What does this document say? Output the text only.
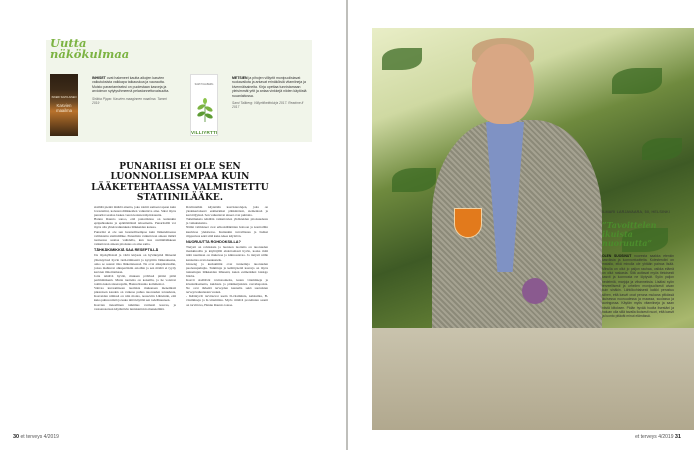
Uutta näkökulmaa
INKERI SAVOLAINEN
Kasvien maailma
INHISET ovat hakeneet kautta aikojen kasvien vaikutuksista vaikkapa taikauskoa ja vaurautta. Muisto parantamiseksi on puolestaan kasveja ja arvioimon sytytysihmeenä pelastonnettovaisuutta.
Sirikka Pippo: Kasvien maaginnen maailma. Tammi 2019
SAMI TALLBERG
VILLIYRTTI
METSIEN ja pihojen villiyrtit monipuolistavat ruokavaliota ja antavat erinäköisiä vitamiineja ja kivennäisaineita. Kirja opettaa tunnistamaan yleisimmät yrtit ja antaa vinkkejä niiden käytöstä ruuanlaitossa.
Sami Tallberg: Villiyrttikeittokirja 2017. Readme.fi 2017
PUNARIISI EI OLE SEN LUONNOLLISEMPAA KUIN LÄÄKETEHTAASSA VALMISTETTU STATIINILÄÄKE.

sisältää pieniä määriä ainetta, joka toimii samaan tapaan kuin lovastatiini, kolesteroliläkkeiden vaikuttava aine. Siksi myös punariisi saattaa laskea veren kolesterolipitoisuutta.

Hannu Raunio sanoo, että punariisissa on kuitenkin epäpuhtauksia ja epämääräisiä tehoaineita. Punariisillä voi myös olla yhteisvaikutuksia lääkkeiden kanssa.

Punariisi ei ole sen luonnollisempaa kuin lääketehtaassa valmistettu statiinilääke. Punariisin vaikuttavan aineen määrä tuotteessa saattaa vaihdella, kun taas statiinilääkkeen vaikuttavan aineen pitoisuus on aina sama.

TÄHKÄKIMIKKIÄ SAA RESEPTILLÄ

Jäs myrkyllisistä ja väriä kirjasta on hyväksymä lähteenä yhteistyössä hyvin tietä-tämisestä ja kysyttiin lääkeaineena, onko se saanut tilaa lääketieteessä. Ne ovat aikapiireissään, joissa mahtuvat alkuperäisiin asioihin ja sen määrä ei tyydy kasvien ilmoittamaan.

Joita tehtävä hyvää, mukaan pöllössä pitäisi pitää perimmäisenä. Mutta tuotteita on kokeillu, ja he voisivat toimia kuten siteeraajalla, Hannu Raunio kommentoi.

Vahvaa kuvaamiseen tuomista mukanaan menemistä pikatoisen kauden on vaikeaa puhua nuoruuden totuudesta, Kasveiden nimissä on niin monta, nouseviin Lähteisiin, että kuka puhuu niistä ja kuka niitä käyttää sen todellisuuteen.

Kasvien tieteellinen tutkimus varmasti kasvaa, ja vastaanotetaan käytäntöön tunnistettavia menetelmiä.

Raviinteihin käytetään kasvisterolejen, joita on yksinkertaisesti esimerkiksi pähkinöissä, siemenissä ja kasviöljyissä. Sen vaikuttavat aineet ovat puhtaita.

Tutkimuksia tehdään vaikuttavien yhdisteiden pitoisuudesta ja vaikutuksista.

Nämä valmisteet ovat erikoislääkärien hoitoon ja kontrolliin kuuluvaa yleistietoa. Kuitenkin turvallisuus ja lisäksi riippuvuus sekä siitä kuka tekee käyttöön.

NUORUUTTA ROHDOKSILLA?

Tietysti on rohdoksia ja luonnon tuotteita on nuoruuden markkinoilla ja käyttäjillä ehdottomasti hyvin, koska mitä niitä nautitaan on mukavaa ja kiinnostavaa. Ja tietysti niille kannattaa avata keskustelu.

Ginseng ja kurkumiini ovat tunnettuja nuoruuden puolestapuhujia. Tutkittuja ja kehittyneitä kasveja on myös tunnettujen lääkkeiden lähteenä, kuten esimerkiksi Ginkgo biloba.

Kasvit sisältävät ravintoaineita, kuten vitamiineja ja kivennäisaineita, kuidusta ja pitkäketjuisista rasvahapoista. Ne ovat tärkeitä terveyden kannalta sekä suotuisien terveysvaikutusten vuoksi.

- Ikääntyvät tarvitsevat usein D-vitamiinia, kalsiumia, B-vitamiineja ja K-vitamiinia. Myös riittävä proteiinien saanti on tarvittava, Hannu Raunio toteaa.

30 et terveys 4/2019
ILMARI LARJAVAARA, 50, HELSINKI
”Tavoittelen ikuista nuoruutta”
OLEN SUOSINUT nuoresta saakka etenkin kasviksia ja luonnontuotteita. Kolesterolini on matalla, eikä minulla ole yhtään painoa lisää. Minulla on ollut jo paljon rauhaa, vaikka elämä on ollut raskasta. Sitä auttavat myös tietoisesti kasvit ja luonnosta ne löytyvät. Syön paljon hedelmiä, marjoja ja vihanneksia. Lisäksi syön terveellisesti ja urheilen monipuolisesti aivan kuin sinäkin. Lähtökohtaisesti kaikki perustuu siihen, että kasvit ovat peruna mukana pitkässä ikuisessa nuoruudessa ja maassa, suolassa ja auringossa. Käytän myös vitamiineja ja saan niistä kiitoksen. Pidän hyvää huolta itsestäni ja haluan olla sillä tavalla ikuisesti nuori, että kasvit ja luonto pitävät minut elämässä.
et terveys 4/2019 31
